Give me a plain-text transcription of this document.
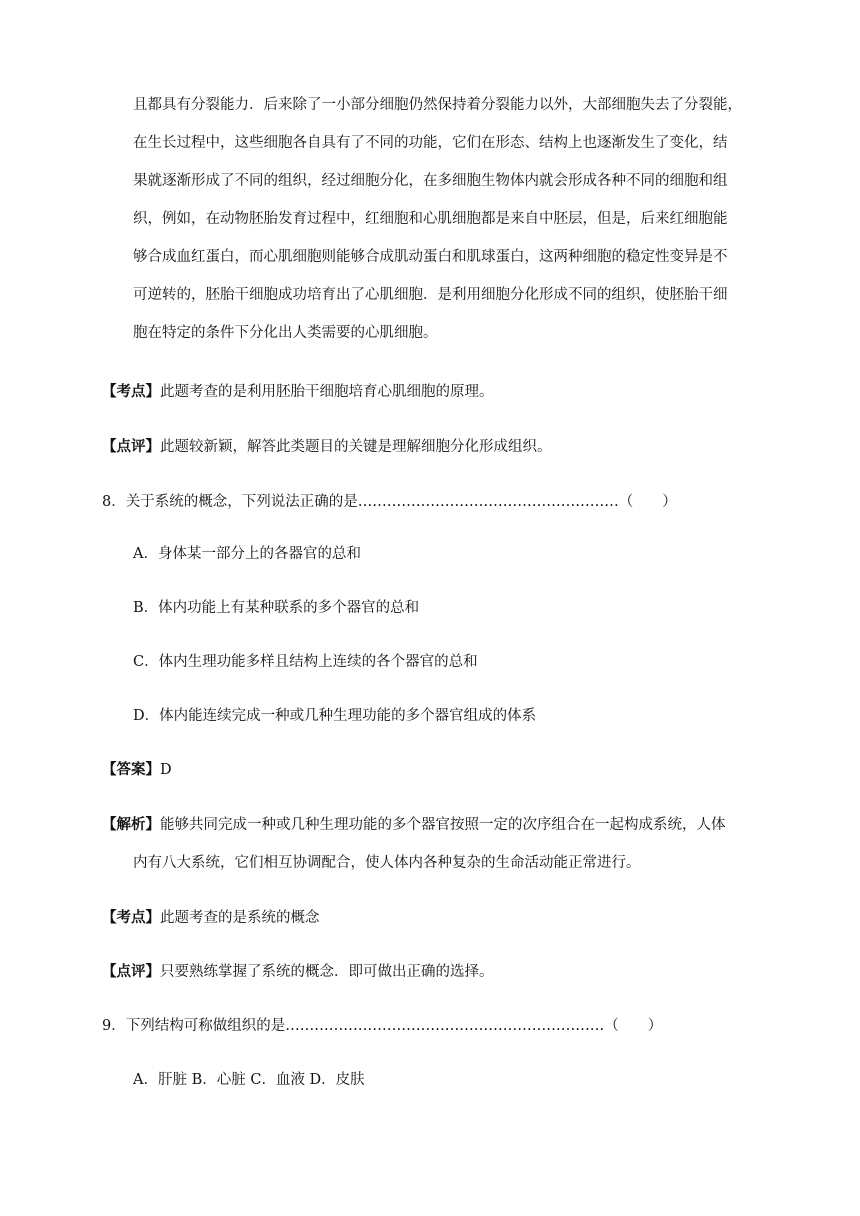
且都具有分裂能力．后来除了一小部分细胞仍然保持着分裂能力以外，大部细胞失去了分裂能，
在生长过程中，这些细胞各自具有了不同的功能，它们在形态、结构上也逐渐发生了变化，结
果就逐渐形成了不同的组织，经过细胞分化，在多细胞生物体内就会形成各种不同的细胞和组
织，例如，在动物胚胎发育过程中，红细胞和心肌细胞都是来自中胚层，但是，后来红细胞能
够合成血红蛋白，而心肌细胞则能够合成肌动蛋白和肌球蛋白，这两种细胞的稳定性变异是不
可逆转的，胚胎干细胞成功培育出了心肌细胞．是利用细胞分化形成不同的组织，使胚胎干细
胞在特定的条件下分化出人类需要的心肌细胞。
【考点】此题考查的是利用胚胎干细胞培育心肌细胞的原理。
【点评】此题较新颖，解答此类题目的关键是理解细胞分化形成组织。
8．关于系统的概念，下列说法正确的是………………………………………………（　　）
A．身体某一部分上的各器官的总和
B．体内功能上有某种联系的多个器官的总和
C．体内生理功能多样且结构上连续的各个器官的总和
D．体内能连续完成一种或几种生理功能的多个器官组成的体系
【答案】D
【解析】能够共同完成一种或几种生理功能的多个器官按照一定的次序组合在一起构成系统，人体
内有八大系统，它们相互协调配合，使人体内各种复杂的生命活动能正常进行。
【考点】此题考查的是系统的概念
【点评】只要熟练掌握了系统的概念．即可做出正确的选择。
9．下列结构可称做组织的是…………………………………………………………（　　）
A．肝脏 B．心脏 C．血液 D．皮肤
